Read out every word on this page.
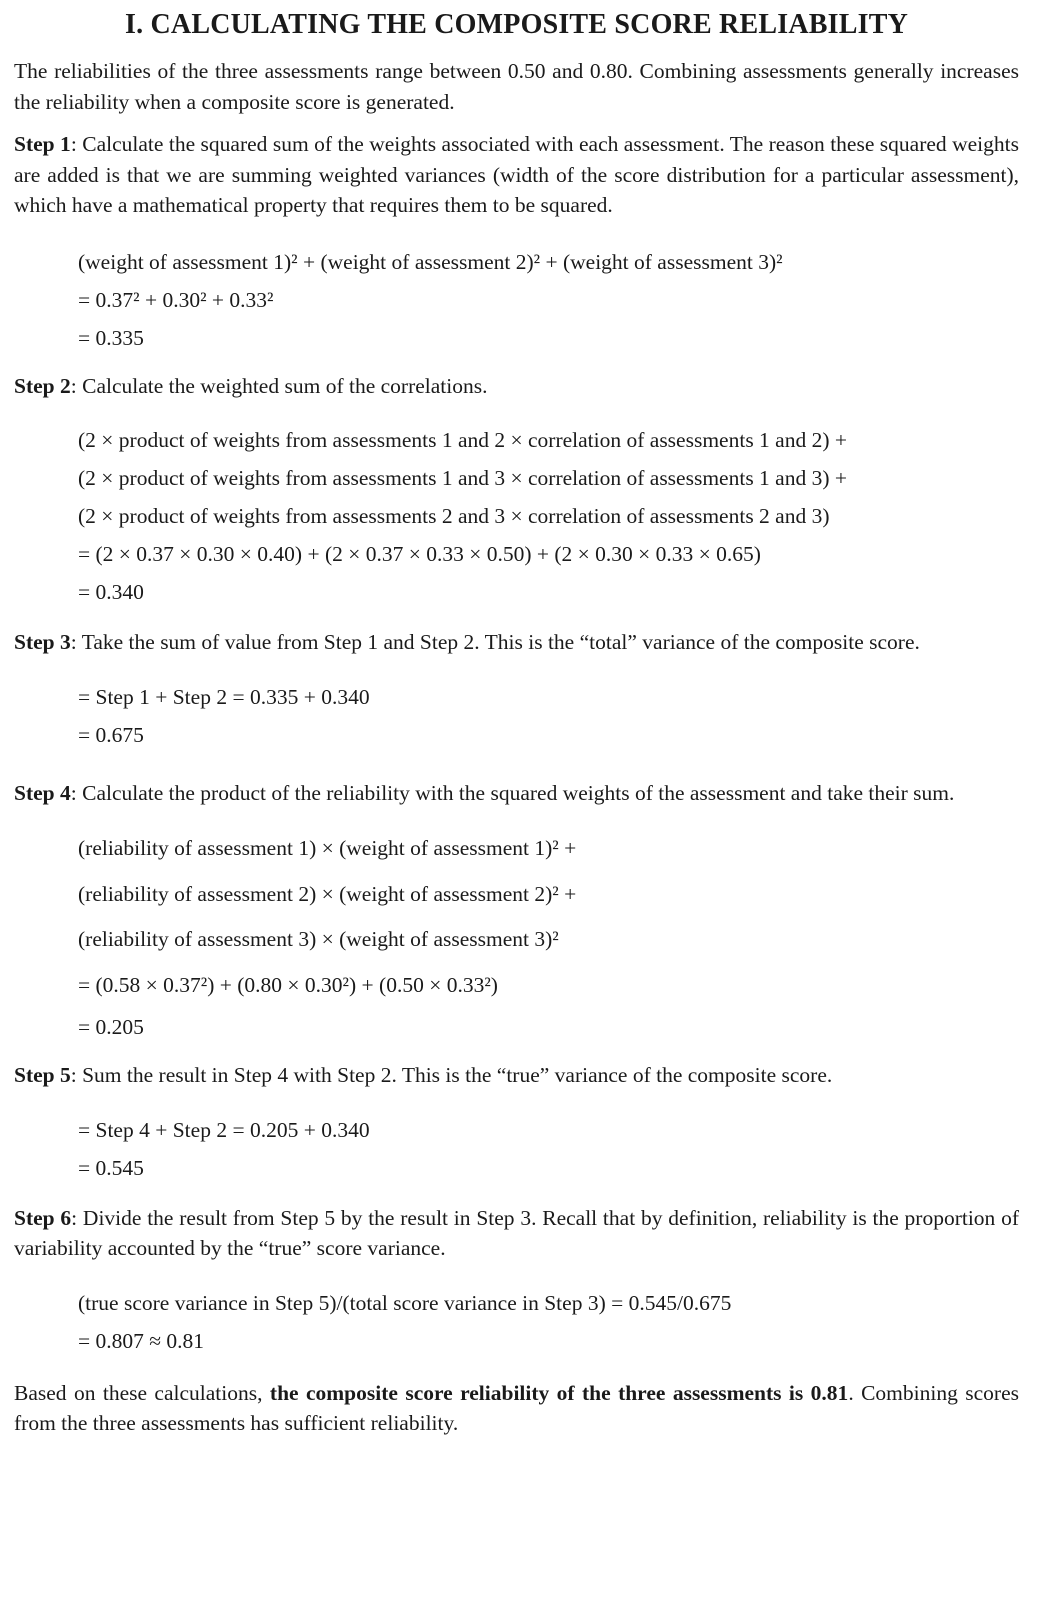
I. CALCULATING THE COMPOSITE SCORE RELIABILITY

The reliabilities of the three assessments range between 0.50 and 0.80. Combining assessments generally increases the reliability when a composite score is generated.

Step 1: Calculate the squared sum of the weights associated with each assessment. The reason these squared weights are added is that we are summing weighted variances (width of the score distribution for a particular assessment), which have a mathematical property that requires them to be squared.

(weight of assessment 1)² + (weight of assessment 2)² + (weight of assessment 3)²
= 0.37² + 0.30² + 0.33²
= 0.335

Step 2: Calculate the weighted sum of the correlations.

(2 × product of weights from assessments 1 and 2 × correlation of assessments 1 and 2) +
(2 × product of weights from assessments 1 and 3 × correlation of assessments 1 and 3) +
(2 × product of weights from assessments 2 and 3 × correlation of assessments 2 and 3)
= (2 × 0.37 × 0.30 × 0.40) + (2 × 0.37 × 0.33 × 0.50) + (2 × 0.30 × 0.33 × 0.65)
= 0.340

Step 3: Take the sum of value from Step 1 and Step 2. This is the “total” variance of the composite score.

= Step 1 + Step 2 = 0.335 + 0.340
= 0.675

Step 4: Calculate the product of the reliability with the squared weights of the assessment and take their sum.

(reliability of assessment 1) × (weight of assessment 1)² +
(reliability of assessment 2) × (weight of assessment 2)² +
(reliability of assessment 3) × (weight of assessment 3)²
= (0.58 × 0.37²) + (0.80 × 0.30²) + (0.50 × 0.33²)
= 0.205

Step 5: Sum the result in Step 4 with Step 2. This is the “true” variance of the composite score.

= Step 4 + Step 2 = 0.205 + 0.340
= 0.545

Step 6: Divide the result from Step 5 by the result in Step 3. Recall that by definition, reliability is the proportion of variability accounted by the “true” score variance.

(true score variance in Step 5)/(total score variance in Step 3) = 0.545/0.675
= 0.807 ≈ 0.81

Based on these calculations, the composite score reliability of the three assessments is 0.81. Combining scores from the three assessments has sufficient reliability.
